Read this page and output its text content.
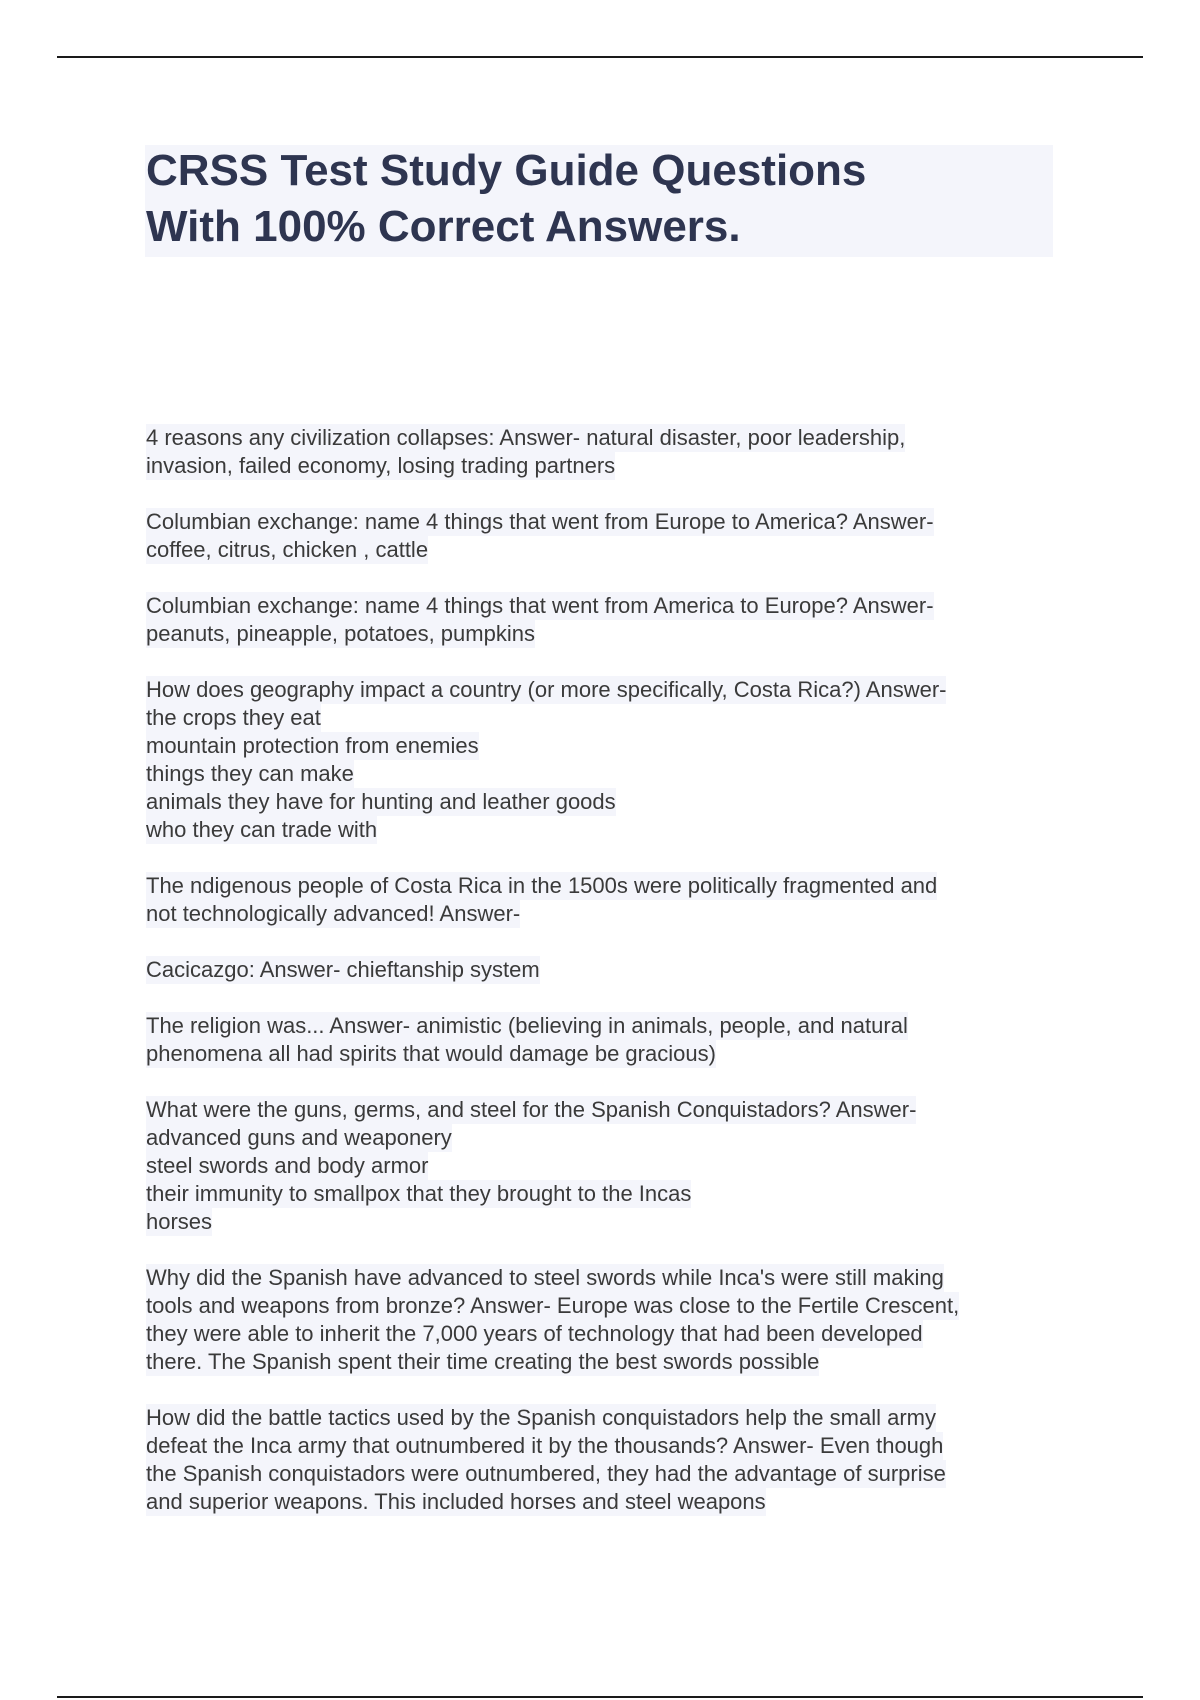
CRSS Test Study Guide Questions
With 100% Correct Answers.
4 reasons any civilization collapses: Answer- natural disaster, poor leadership,
invasion, failed economy, losing trading partners
Columbian exchange: name 4 things that went from Europe to America? Answer-
coffee, citrus, chicken , cattle
Columbian exchange: name 4 things that went from America to Europe? Answer-
peanuts, pineapple, potatoes, pumpkins
How does geography impact a country (or more specifically, Costa Rica?) Answer-
the crops they eat
mountain protection from enemies
things they can make
animals they have for hunting and leather goods
who they can trade with
The ndigenous people of Costa Rica in the 1500s were politically fragmented and
not technologically advanced! Answer-
Cacicazgo: Answer- chieftanship system
The religion was... Answer- animistic (believing in animals, people, and natural
phenomena all had spirits that would damage be gracious)
What were the guns, germs, and steel for the Spanish Conquistadors? Answer-
advanced guns and weaponery
steel swords and body armor
their immunity to smallpox that they brought to the Incas
horses
Why did the Spanish have advanced to steel swords while Inca's were still making
tools and weapons from bronze? Answer- Europe was close to the Fertile Crescent,
they were able to inherit the 7,000 years of technology that had been developed
there. The Spanish spent their time creating the best swords possible
How did the battle tactics used by the Spanish conquistadors help the small army
defeat the Inca army that outnumbered it by the thousands? Answer- Even though
the Spanish conquistadors were outnumbered, they had the advantage of surprise
and superior weapons. This included horses and steel weapons
